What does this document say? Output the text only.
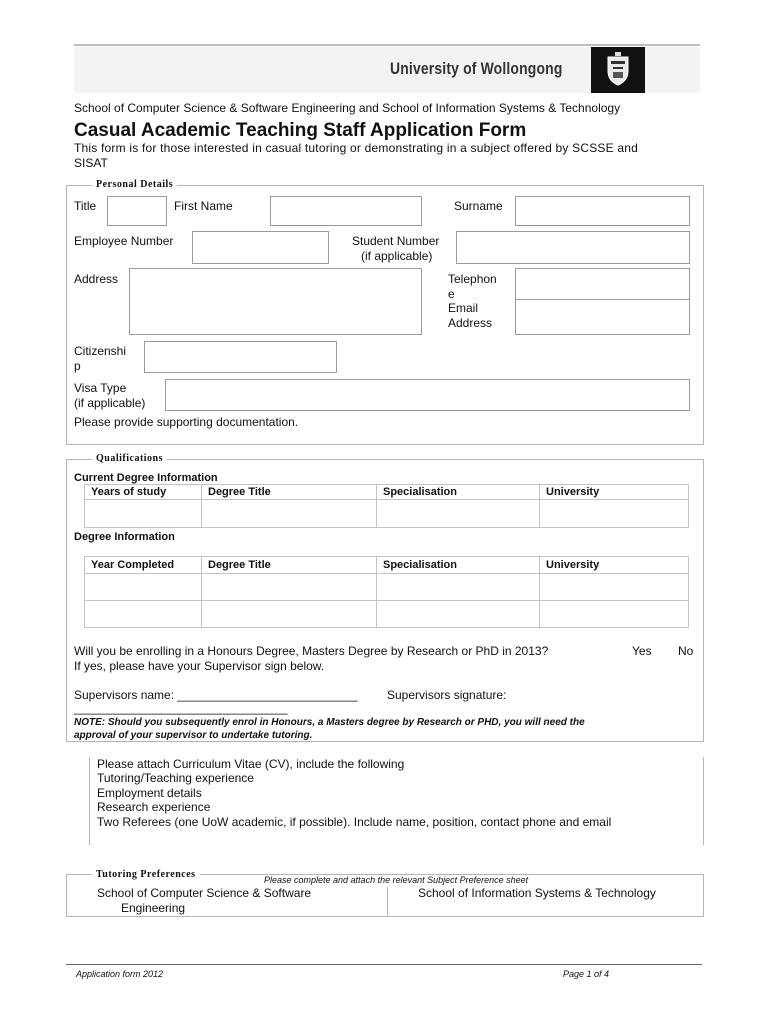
University of Wollongong
School of Computer Science & Software Engineering and School of Information Systems & Technology
Casual Academic Teaching Staff Application Form
This form is for those interested in casual tutoring or demonstrating in a subject offered by SCSSE and
SISAT
Personal Details
Title	First Name	Surname
Employee Number	Student Number
(if applicable)
Address	Telephon
e
Email
Address
Citizenshi
p
Visa Type
(if applicable)
Please provide supporting documentation.
Qualifications
Current Degree Information
Years of study	Degree Title	Specialisation	University

Degree Information
Year Completed	Degree Title	Specialisation	University

Will you be enrolling in a Honours Degree, Masters Degree by Research or PhD in 2013?	Yes No
If yes, please have your Supervisor sign below.
Supervisors name: ___________________________ Supervisors signature:
________________________________
NOTE: Should you subsequently enrol in Honours, a Masters degree by Research or PHD, you will need the
approval of your supervisor to undertake tutoring.
Please attach Curriculum Vitae (CV), include the following
Tutoring/Teaching experience
Employment details
Research experience
Two Referees (one UoW academic, if possible). Include name, position, contact phone and email
Tutoring Preferences	Please complete and attach the relevant Subject Preference sheet
School of Computer Science & Software
Engineering
School of Information Systems & Technology
Application form 2012	Page 1 of 4
